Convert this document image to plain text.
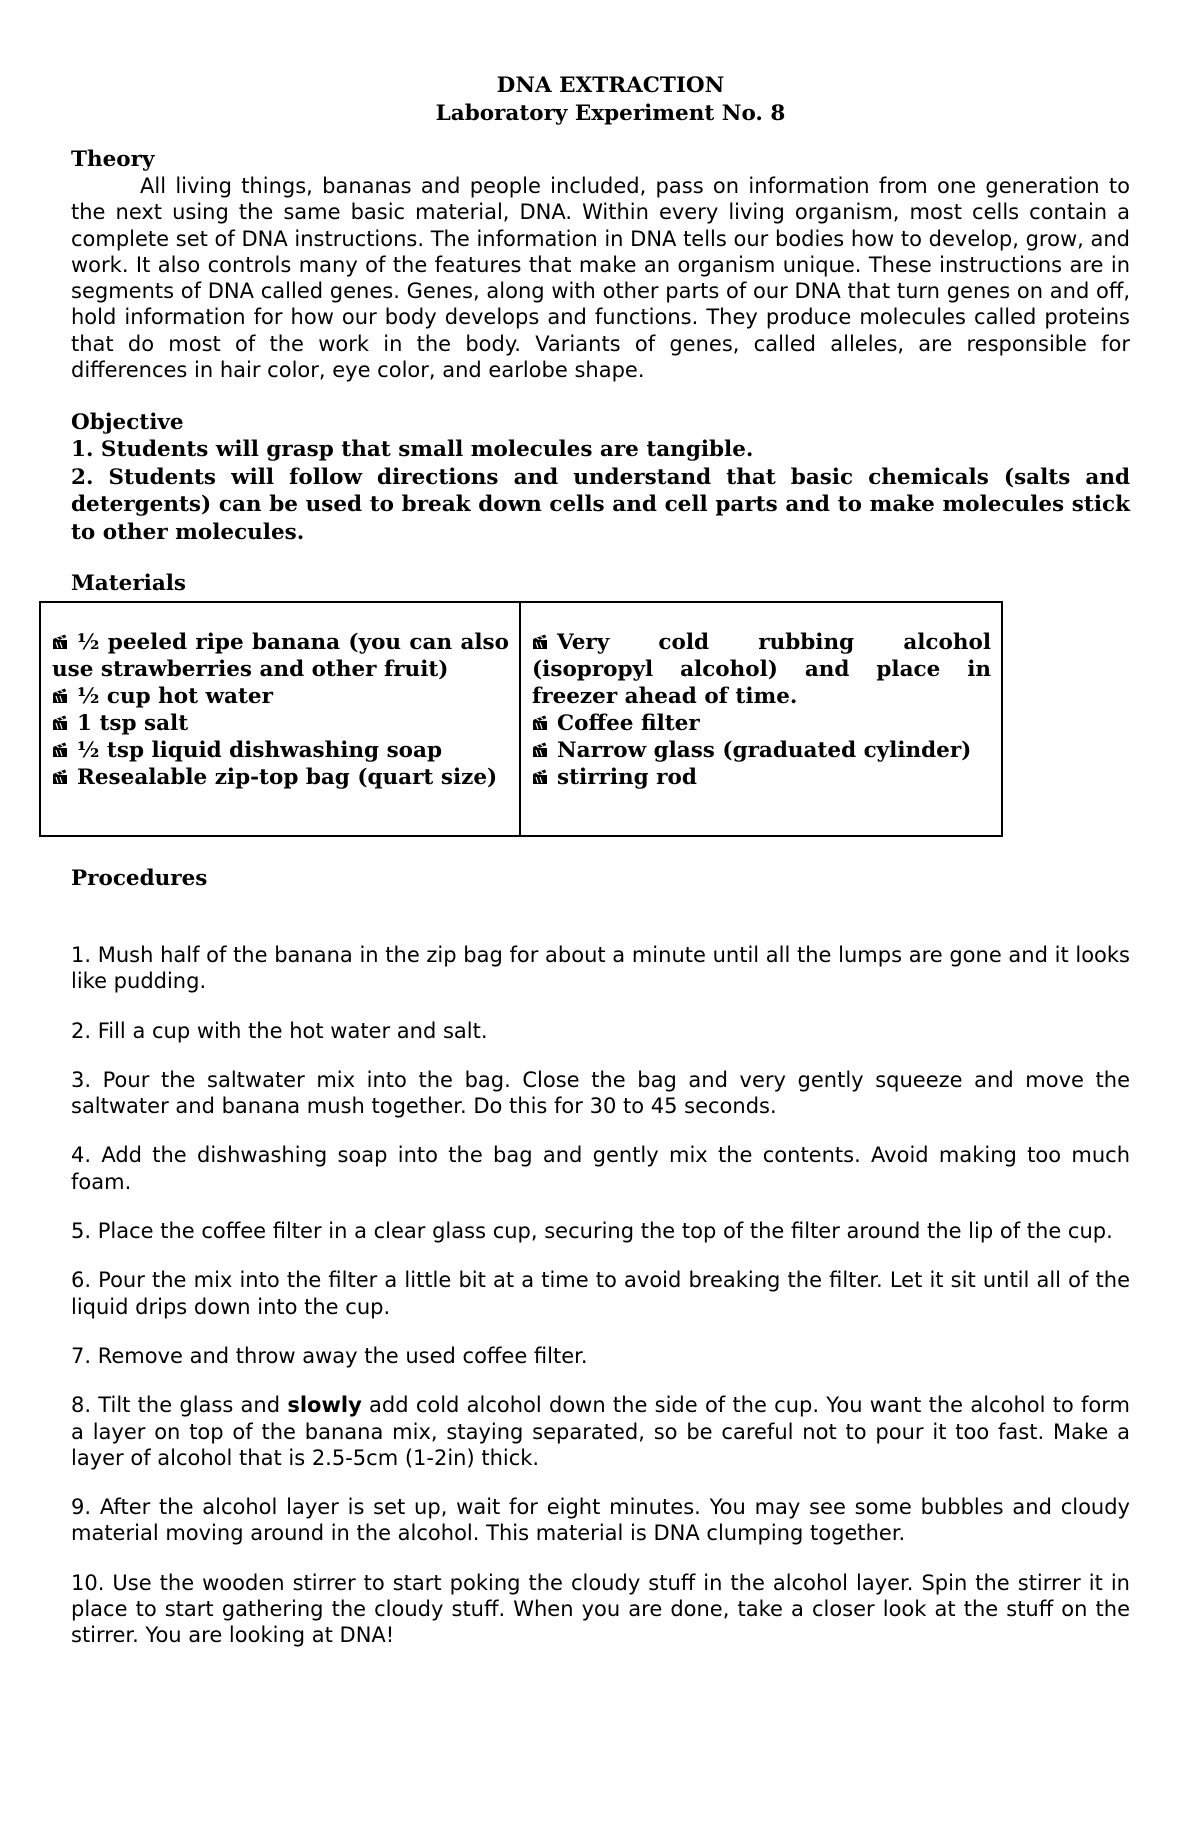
DNA EXTRACTION
Laboratory Experiment No. 8
Theory

All living things, bananas and people included, pass on information from one generation to the next using the same basic material, DNA. Within every living organism, most cells contain a complete set of DNA instructions. The information in DNA tells our bodies how to develop, grow, and work. It also controls many of the features that make an organism unique. These instructions are in segments of DNA called genes. Genes, along with other parts of our DNA that turn genes on and off, hold information for how our body develops and functions. They produce molecules called proteins that do most of the work in the body. Variants of genes, called alleles, are responsible for differences in hair color, eye color, and earlobe shape.

Objective

1. Students will grasp that small molecules are tangible.

2. Students will follow directions and understand that basic chemicals (salts and detergents) can be used to break down cells and cell parts and to make molecules stick to other molecules.

Materials

½ peeled ripe banana (you can also use strawberries and other fruit)

½ cup hot water

1 tsp salt

½ tsp liquid dishwashing soap

Resealable zip-top bag (quart size)

Very cold rubbing alcohol (isopropyl alcohol) and place in freezer ahead of time.

Coffee filter

Narrow glass (graduated cylinder)

stirring rod

Procedures

1. Mush half of the banana in the zip bag for about a minute until all the lumps are gone and it looks like pudding.

2. Fill a cup with the hot water and salt.

3. Pour the saltwater mix into the bag. Close the bag and very gently squeeze and move the saltwater and banana mush together. Do this for 30 to 45 seconds.

4. Add the dishwashing soap into the bag and gently mix the contents. Avoid making too much foam.

5. Place the coffee filter in a clear glass cup, securing the top of the filter around the lip of the cup.

6. Pour the mix into the filter a little bit at a time to avoid breaking the filter. Let it sit until all of the liquid drips down into the cup.

7. Remove and throw away the used coffee filter.

8. Tilt the glass and slowly add cold alcohol down the side of the cup. You want the alcohol to form a layer on top of the banana mix, staying separated, so be careful not to pour it too fast. Make a layer of alcohol that is 2.5-5cm (1-2in) thick.

9. After the alcohol layer is set up, wait for eight minutes. You may see some bubbles and cloudy material moving around in the alcohol. This material is DNA clumping together.

10. Use the wooden stirrer to start poking the cloudy stuff in the alcohol layer. Spin the stirrer it in place to start gathering the cloudy stuff. When you are done, take a closer look at the stuff on the stirrer. You are looking at DNA!
